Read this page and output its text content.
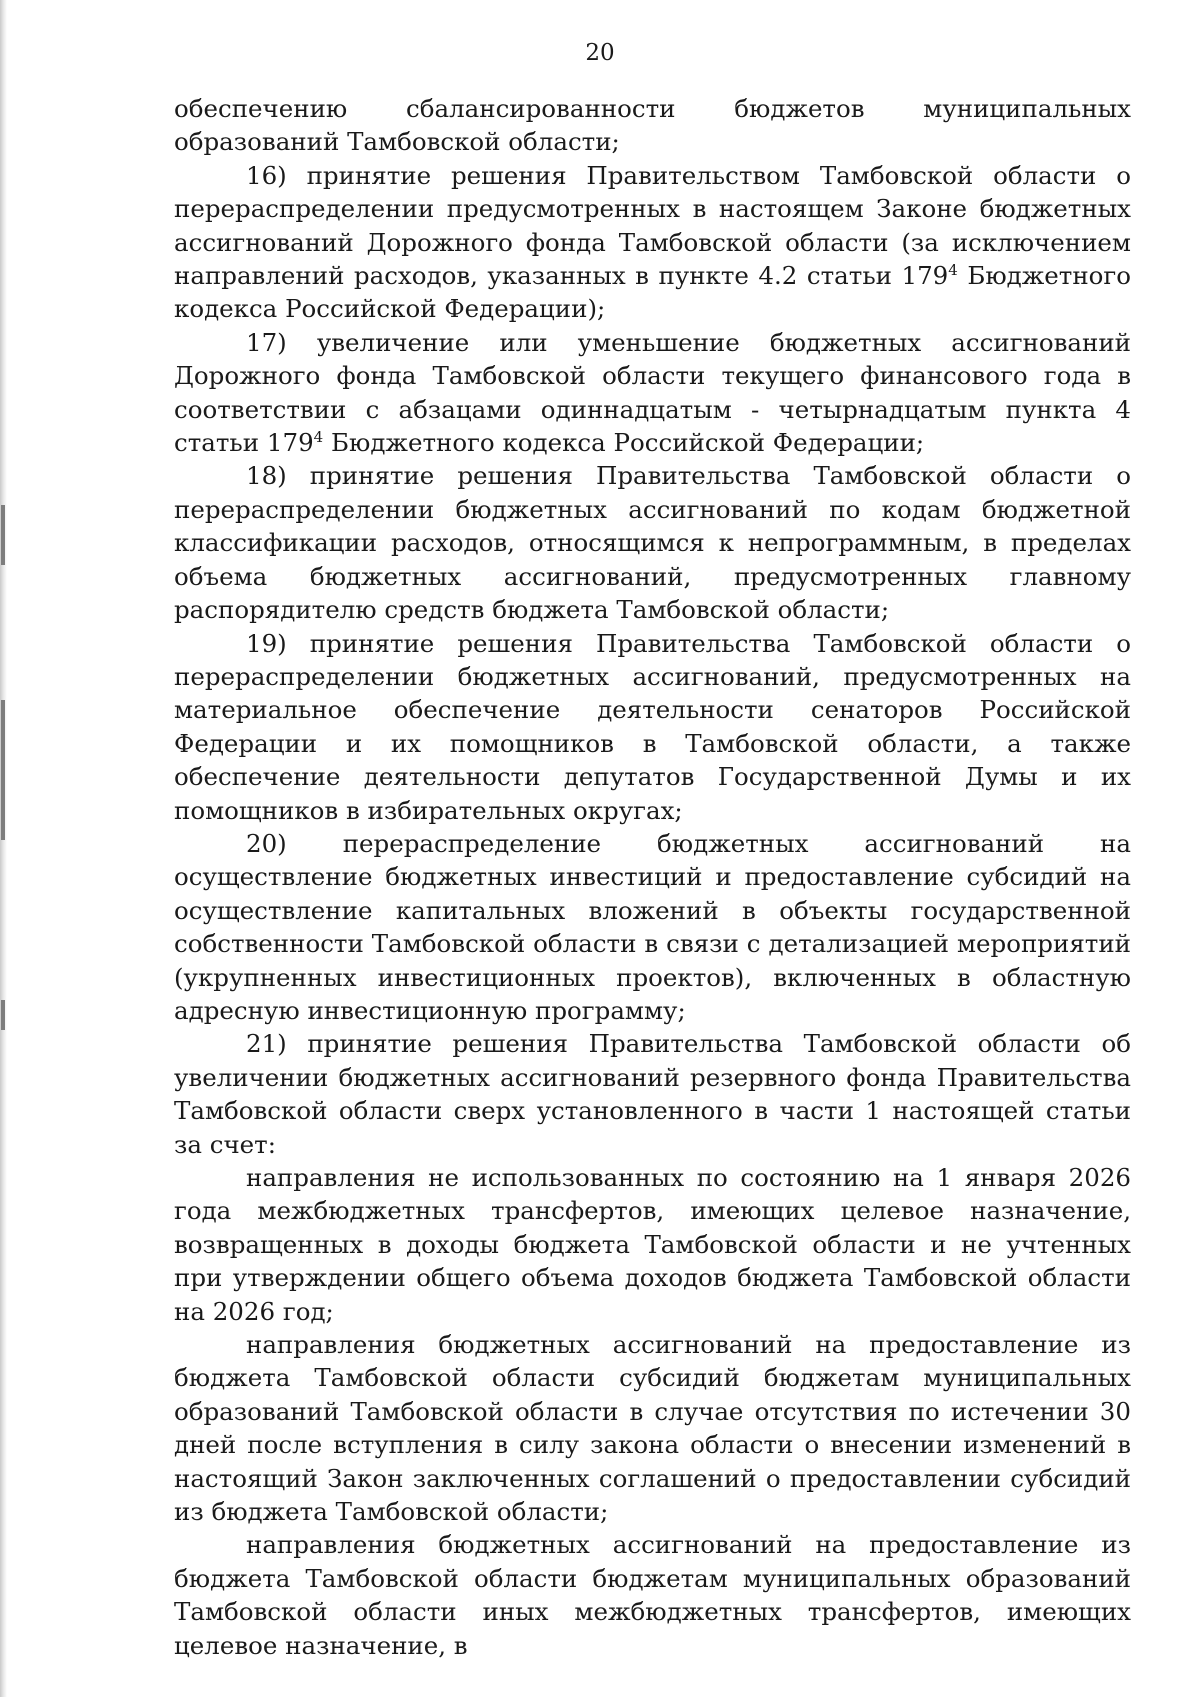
20

обеспечению сбалансированности бюджетов муниципальных образований Тамбовской области;

16) принятие решения Правительством Тамбовской области о перераспределении предусмотренных в настоящем Законе бюджетных ассигнований Дорожного фонда Тамбовской области (за исключением направлений расходов, указанных в пункте 4.2 статьи $179^4$ Бюджетного кодекса Российской Федерации);

17) увеличение или уменьшение бюджетных ассигнований Дорожного фонда Тамбовской области текущего финансового года в соответствии с абзацами одиннадцатым - четырнадцатым пункта 4 статьи $179^4$ Бюджетного кодекса Российской Федерации;

18) принятие решения Правительства Тамбовской области о перераспределении бюджетных ассигнований по кодам бюджетной классификации расходов, относящимся к непрограммным, в пределах объема бюджетных ассигнований, предусмотренных главному распорядителю средств бюджета Тамбовской области;

19) принятие решения Правительства Тамбовской области о перераспределении бюджетных ассигнований, предусмотренных на материальное обеспечение деятельности сенаторов Российской Федерации и их помощников в Тамбовской области, а также обеспечение деятельности депутатов Государственной Думы и их помощников в избирательных округах;

20) перераспределение бюджетных ассигнований на осуществление бюджетных инвестиций и предоставление субсидий на осуществление капитальных вложений в объекты государственной собственности Тамбовской области в связи с детализацией мероприятий (укрупненных инвестиционных проектов), включенных в областную адресную инвестиционную программу;

21) принятие решения Правительства Тамбовской области об увеличении бюджетных ассигнований резервного фонда Правительства Тамбовской области сверх установленного в части 1 настоящей статьи за счет:

направления не использованных по состоянию на 1 января 2026 года межбюджетных трансфертов, имеющих целевое назначение, возвращенных в доходы бюджета Тамбовской области и не учтенных при утверждении общего объема доходов бюджета Тамбовской области на 2026 год;

направления бюджетных ассигнований на предоставление из бюджета Тамбовской области субсидий бюджетам муниципальных образований Тамбовской области в случае отсутствия по истечении 30 дней после вступления в силу закона области о внесении изменений в настоящий Закон заключенных соглашений о предоставлении субсидий из бюджета Тамбовской области;

направления бюджетных ассигнований на предоставление из бюджета Тамбовской области бюджетам муниципальных образований Тамбовской области иных межбюджетных трансфертов, имеющих целевое назначение, в
